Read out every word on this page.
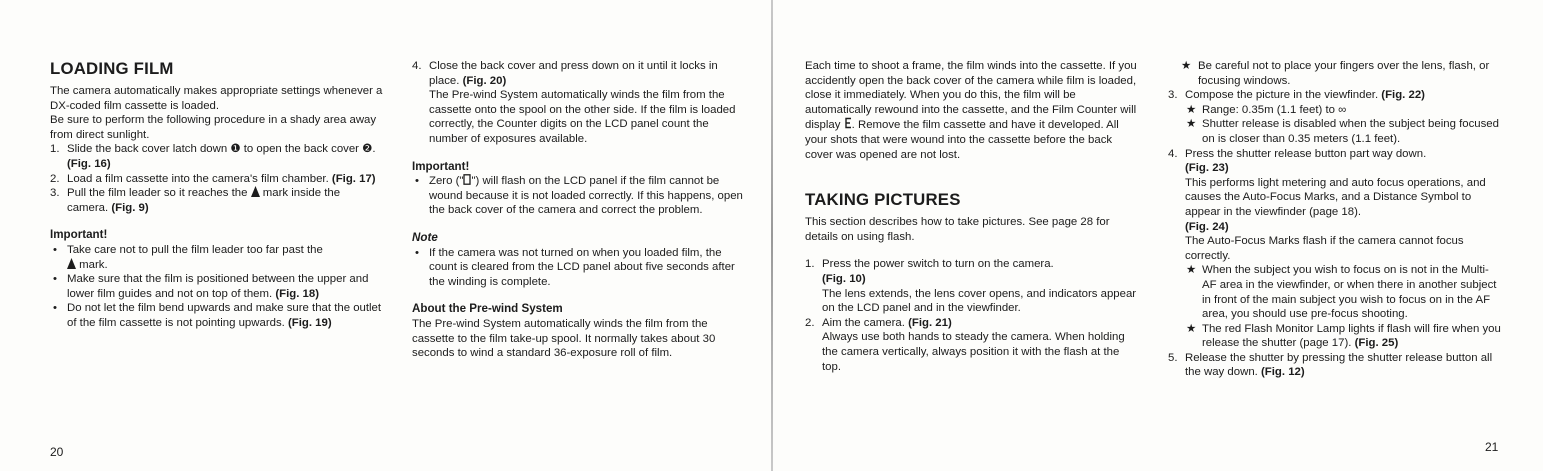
LOADING FILM

The camera automatically makes appropriate settings whenever a DX-coded film cassette is loaded.

Be sure to perform the following procedure in a shady area away from direct sunlight.

1. Slide the back cover latch down ❶ to open the back cover ❷. (Fig. 16)
2. Load a film cassette into the camera's film chamber. (Fig. 17)
3. Pull the film leader so it reaches the mark inside the camera. (Fig. 9)
Important!
• Take care not to pull the film leader too far past the
mark.
• Make sure that the film is positioned between the upper and lower film guides and not on top of them. (Fig. 18)
• Do not let the film bend upwards and make sure that the outlet of the film cassette is not pointing upwards. (Fig. 19)
4. Close the back cover and press down on it until it locks in place. (Fig. 20)

The Pre-wind System automatically winds the film from the cassette onto the spool on the other side. If the film is loaded correctly, the Counter digits on the LCD panel count the number of exposures available.

Important!
• Zero (" ") will flash on the LCD panel if the film cannot be wound because it is not loaded correctly. If this happens, open the back cover of the camera and correct the problem.
Note
• If the camera was not turned on when you loaded film, the count is cleared from the LCD panel about five seconds after the winding is complete.
About the Pre-wind System

The Pre-wind System automatically winds the film from the cassette to the film take-up spool. It normally takes about 30 seconds to wind a standard 36-exposure roll of film.

20

Each time to shoot a frame, the film winds into the cassette. If you accidently open the back cover of the camera while film is loaded, close it immediately. When you do this, the film will be automatically rewound into the cassette, and the Film Counter will display . Remove the film cassette and have it developed. All your shots that were wound into the cassette before the back cover was opened are not lost.

TAKING PICTURES

This section describes how to take pictures. See page 28 for details on using flash.

1. Press the power switch to turn on the camera.
(Fig. 10)

The lens extends, the lens cover opens, and indicators appear on the LCD panel and in the viewfinder.

2. Aim the camera. (Fig. 21)

Always use both hands to steady the camera. When holding the camera vertically, always position it with the flash at the top.

★ Be careful not to place your fingers over the lens, flash, or focusing windows.
3. Compose the picture in the viewfinder. (Fig. 22)
★ Range: 0.35m (1.1 feet) to ∞
★ Shutter release is disabled when the subject being focused on is closer than 0.35 meters (1.1 feet).
4. Press the shutter release button part way down.
(Fig. 23)

This performs light metering and auto focus operations, and causes the Auto-Focus Marks, and a Distance Symbol to appear in the viewfinder (page 18).

(Fig. 24)

The Auto-Focus Marks flash if the camera cannot focus correctly.

★ When the subject you wish to focus on is not in the Multi-AF area in the viewfinder, or when there in another subject in front of the main subject you wish to focus on in the AF area, you should use pre-focus shooting.
★ The red Flash Monitor Lamp lights if flash will fire when you release the shutter (page 17). (Fig. 25)
5. Release the shutter by pressing the shutter release button all the way down. (Fig. 12)
21
